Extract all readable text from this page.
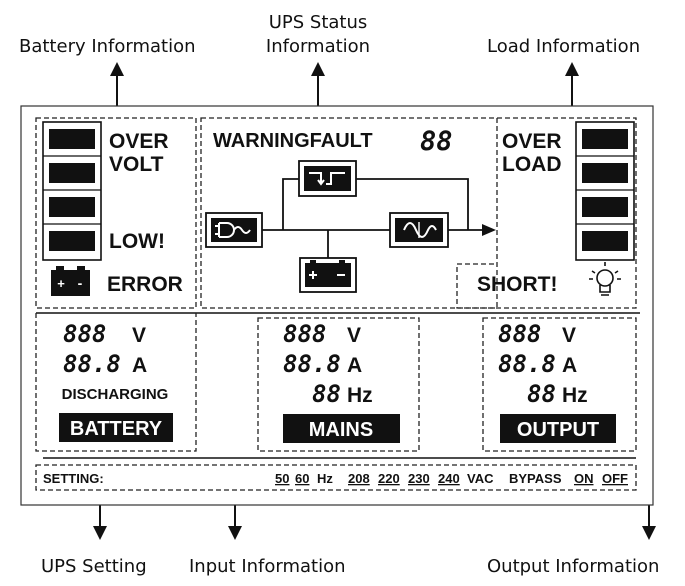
Battery Information
UPS Status
Information	Load Information
UPS Setting Input Information	Output Information
OVER
VOLT
LOW!
+ - ERROR
WARNINGFAULT 88 OVER
LOAD
SHORT!
888 V
88.8 A
DISCHARGING
BATTERY
888 V
88.8 A
88 Hz
MAINS
888 V
88.8 A
88 Hz
OUTPUT
SETTING:	50 60 Hz 208 220 230 240 VAC BYPASS ON OFF
